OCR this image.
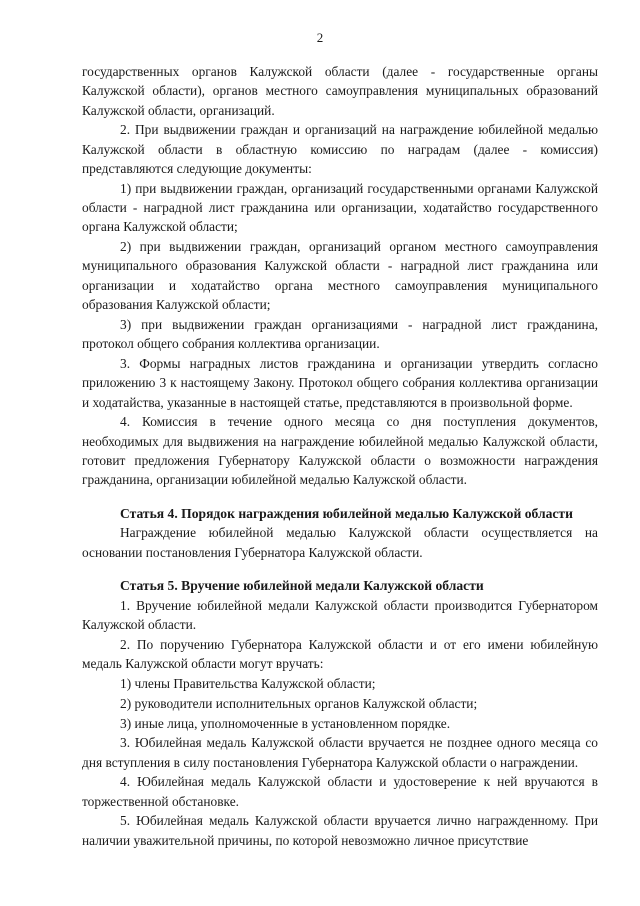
2

государственных органов Калужской области (далее - государственные органы Калужской области), органов местного самоуправления муниципальных образований Калужской области, организаций.

2. При выдвижении граждан и организаций на награждение юбилейной медалью Калужской области в областную комиссию по наградам (далее - комиссия) представляются следующие документы:

1) при выдвижении граждан, организаций государственными органами Калужской области - наградной лист гражданина или организации, ходатайство государственного органа Калужской области;

2) при выдвижении граждан, организаций органом местного самоуправления муниципального образования Калужской области - наградной лист гражданина или организации и ходатайство органа местного самоуправления муниципального образования Калужской области;

3) при выдвижении граждан организациями - наградной лист гражданина, протокол общего собрания коллектива организации.

3. Формы наградных листов гражданина и организации утвердить согласно приложению 3 к настоящему Закону. Протокол общего собрания коллектива организации и ходатайства, указанные в настоящей статье, представляются в произвольной форме.

4. Комиссия в течение одного месяца со дня поступления документов, необходимых для выдвижения на награждение юбилейной медалью Калужской области, готовит предложения Губернатору Калужской области о возможности награждения гражданина, организации юбилейной медалью Калужской области.

Статья 4. Порядок награждения юбилейной медалью Калужской области

Награждение юбилейной медалью Калужской области осуществляется на основании постановления Губернатора Калужской области.

Статья 5. Вручение юбилейной медали Калужской области

1. Вручение юбилейной медали Калужской области производится Губернатором Калужской области.

2. По поручению Губернатора Калужской области и от его имени юбилейную медаль Калужской области могут вручать:

1) члены Правительства Калужской области;

2) руководители исполнительных органов Калужской области;

3) иные лица, уполномоченные в установленном порядке.

3. Юбилейная медаль Калужской области вручается не позднее одного месяца со дня вступления в силу постановления Губернатора Калужской области о награждении.

4. Юбилейная медаль Калужской области и удостоверение к ней вручаются в торжественной обстановке.

5. Юбилейная медаль Калужской области вручается лично награжденному. При наличии уважительной причины, по которой невозможно личное присутствие
